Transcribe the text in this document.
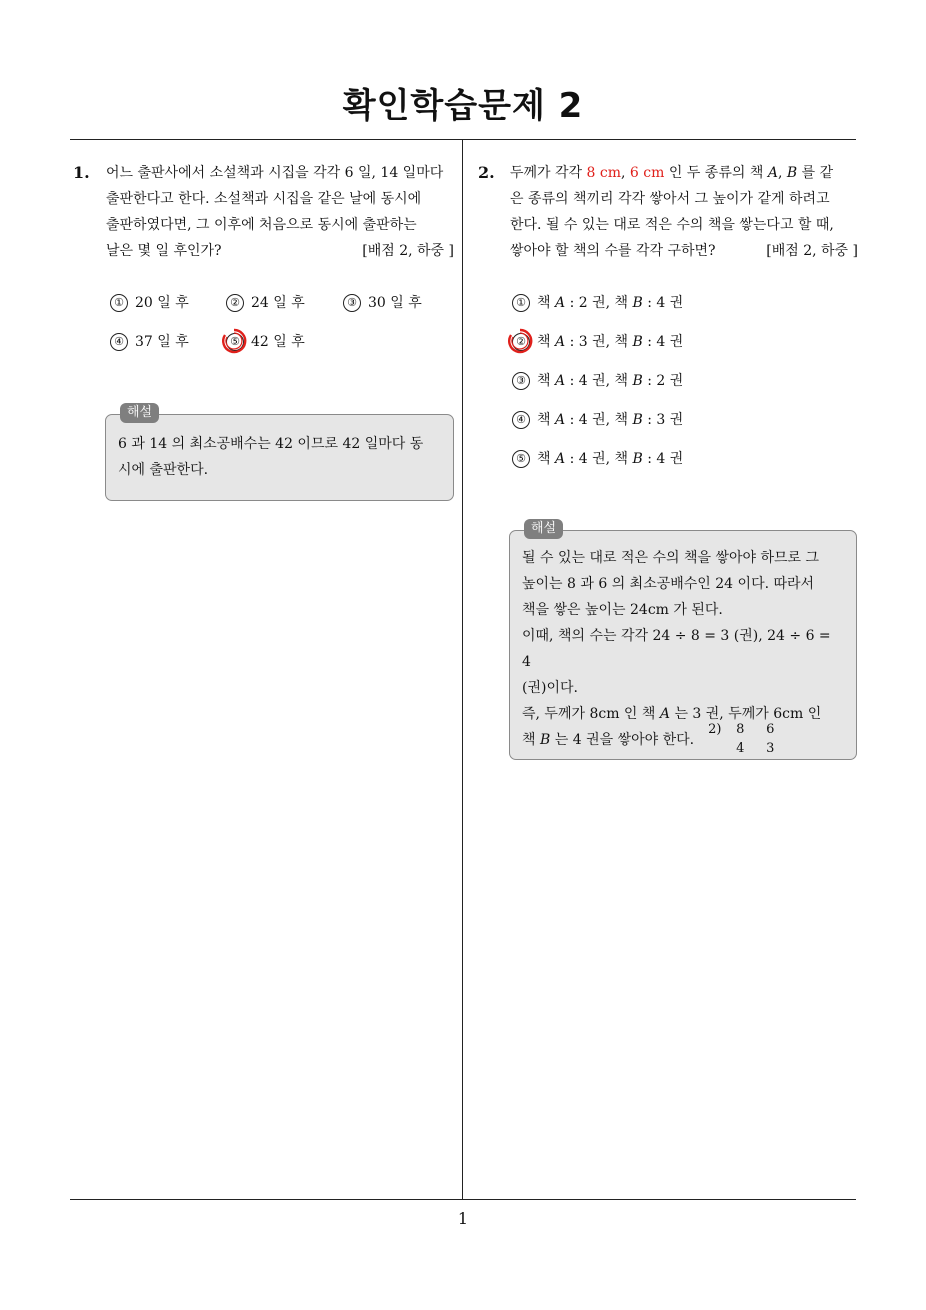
확인학습문제 2
1
1. 어느 출판사에서 소설책과 시집을 각각 6 일, 14 일마다
출판한다고 한다. 소설책과 시집을 같은 날에 동시에
출판하였다면, 그 이후에 처음으로 동시에 출판하는
날은 몇 일 후인가?	[배점 2, 하중 ]
① 20 일 후	② 24 일 후	③ 30 일 후
④ 37 일 후	⑤ 42 일 후
해설
6 과 14 의 최소공배수는 42 이므로 42 일마다 동
시에 출판한다.
2. 두께가 각각 8 cm, 6 cm 인 두 종류의 책 A, B 를 같
은 종류의 책끼리 각각 쌓아서 그 높이가 같게 하려고
한다. 될 수 있는 대로 적은 수의 책을 쌓는다고 할 때,
쌓아야 할 책의 수를 각각 구하면?	[배점 2, 하중 ]
① 책 A : 2 권, 책 B : 4 권
② 책 A : 3 권, 책 B : 4 권
③ 책 A : 4 권, 책 B : 2 권
④ 책 A : 4 권, 책 B : 3 권
⑤ 책 A : 4 권, 책 B : 4 권
해설
될 수 있는 대로 적은 수의 책을 쌓아야 하므로 그
높이는 8 과 6 의 최소공배수인 24 이다. 따라서
책을 쌓은 높이는 24cm 가 된다.
이때, 책의 수는 각각 24 ÷ 8 = 3 (권), 24 ÷ 6 = 4
(권)이다.
즉, 두께가 8cm 인 책 A 는 3 권, 두께가 6cm 인
책 B 는 4 권을 쌓아야 한다.
2) 8 6
4 3
